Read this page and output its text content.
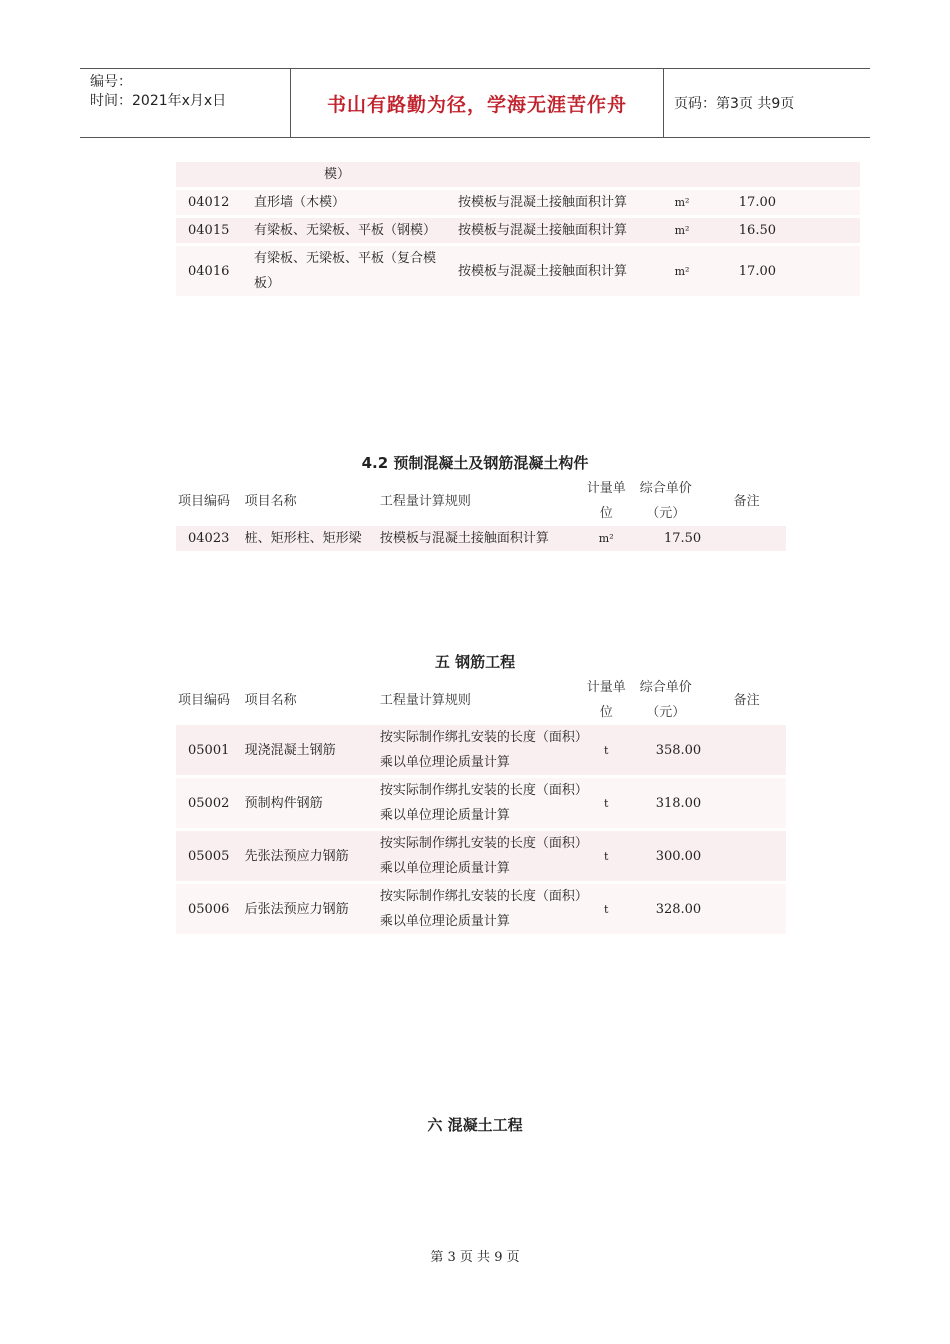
编号：
时间：2021年x月x日	书山有路勤为径，学海无涯苦作舟	页码：第3页 共9页
	模）				

04012	直形墙（木模）	按模板与混凝土接触面积计算	m²	17.00	

04015	有梁板、无梁板、平板（钢模）	按模板与混凝土接触面积计算	m²	16.50	

04016	有梁板、无梁板、平板（复合模板）	按模板与混凝土接触面积计算	m²	17.00	
4.2 预制混凝土及钢筋混凝土构件
项目编码	项目名称	工程量计算规则	计量单位	综合单价（元）	备注
04023	桩、矩形柱、矩形梁	按模板与混凝土接触面积计算	m²	17.50	
五 钢筋工程
项目编码	项目名称	工程量计算规则	计量单位	综合单价（元）	备注
05001	现浇混凝土钢筋	按实际制作绑扎安装的长度（面积）乘以单位理论质量计算	t	358.00	

05002	预制构件钢筋	按实际制作绑扎安装的长度（面积）乘以单位理论质量计算	t	318.00	

05005	先张法预应力钢筋	按实际制作绑扎安装的长度（面积）乘以单位理论质量计算	t	300.00	

05006	后张法预应力钢筋	按实际制作绑扎安装的长度（面积）乘以单位理论质量计算	t	328.00	
六 混凝土工程
第 3 页 共 9 页
